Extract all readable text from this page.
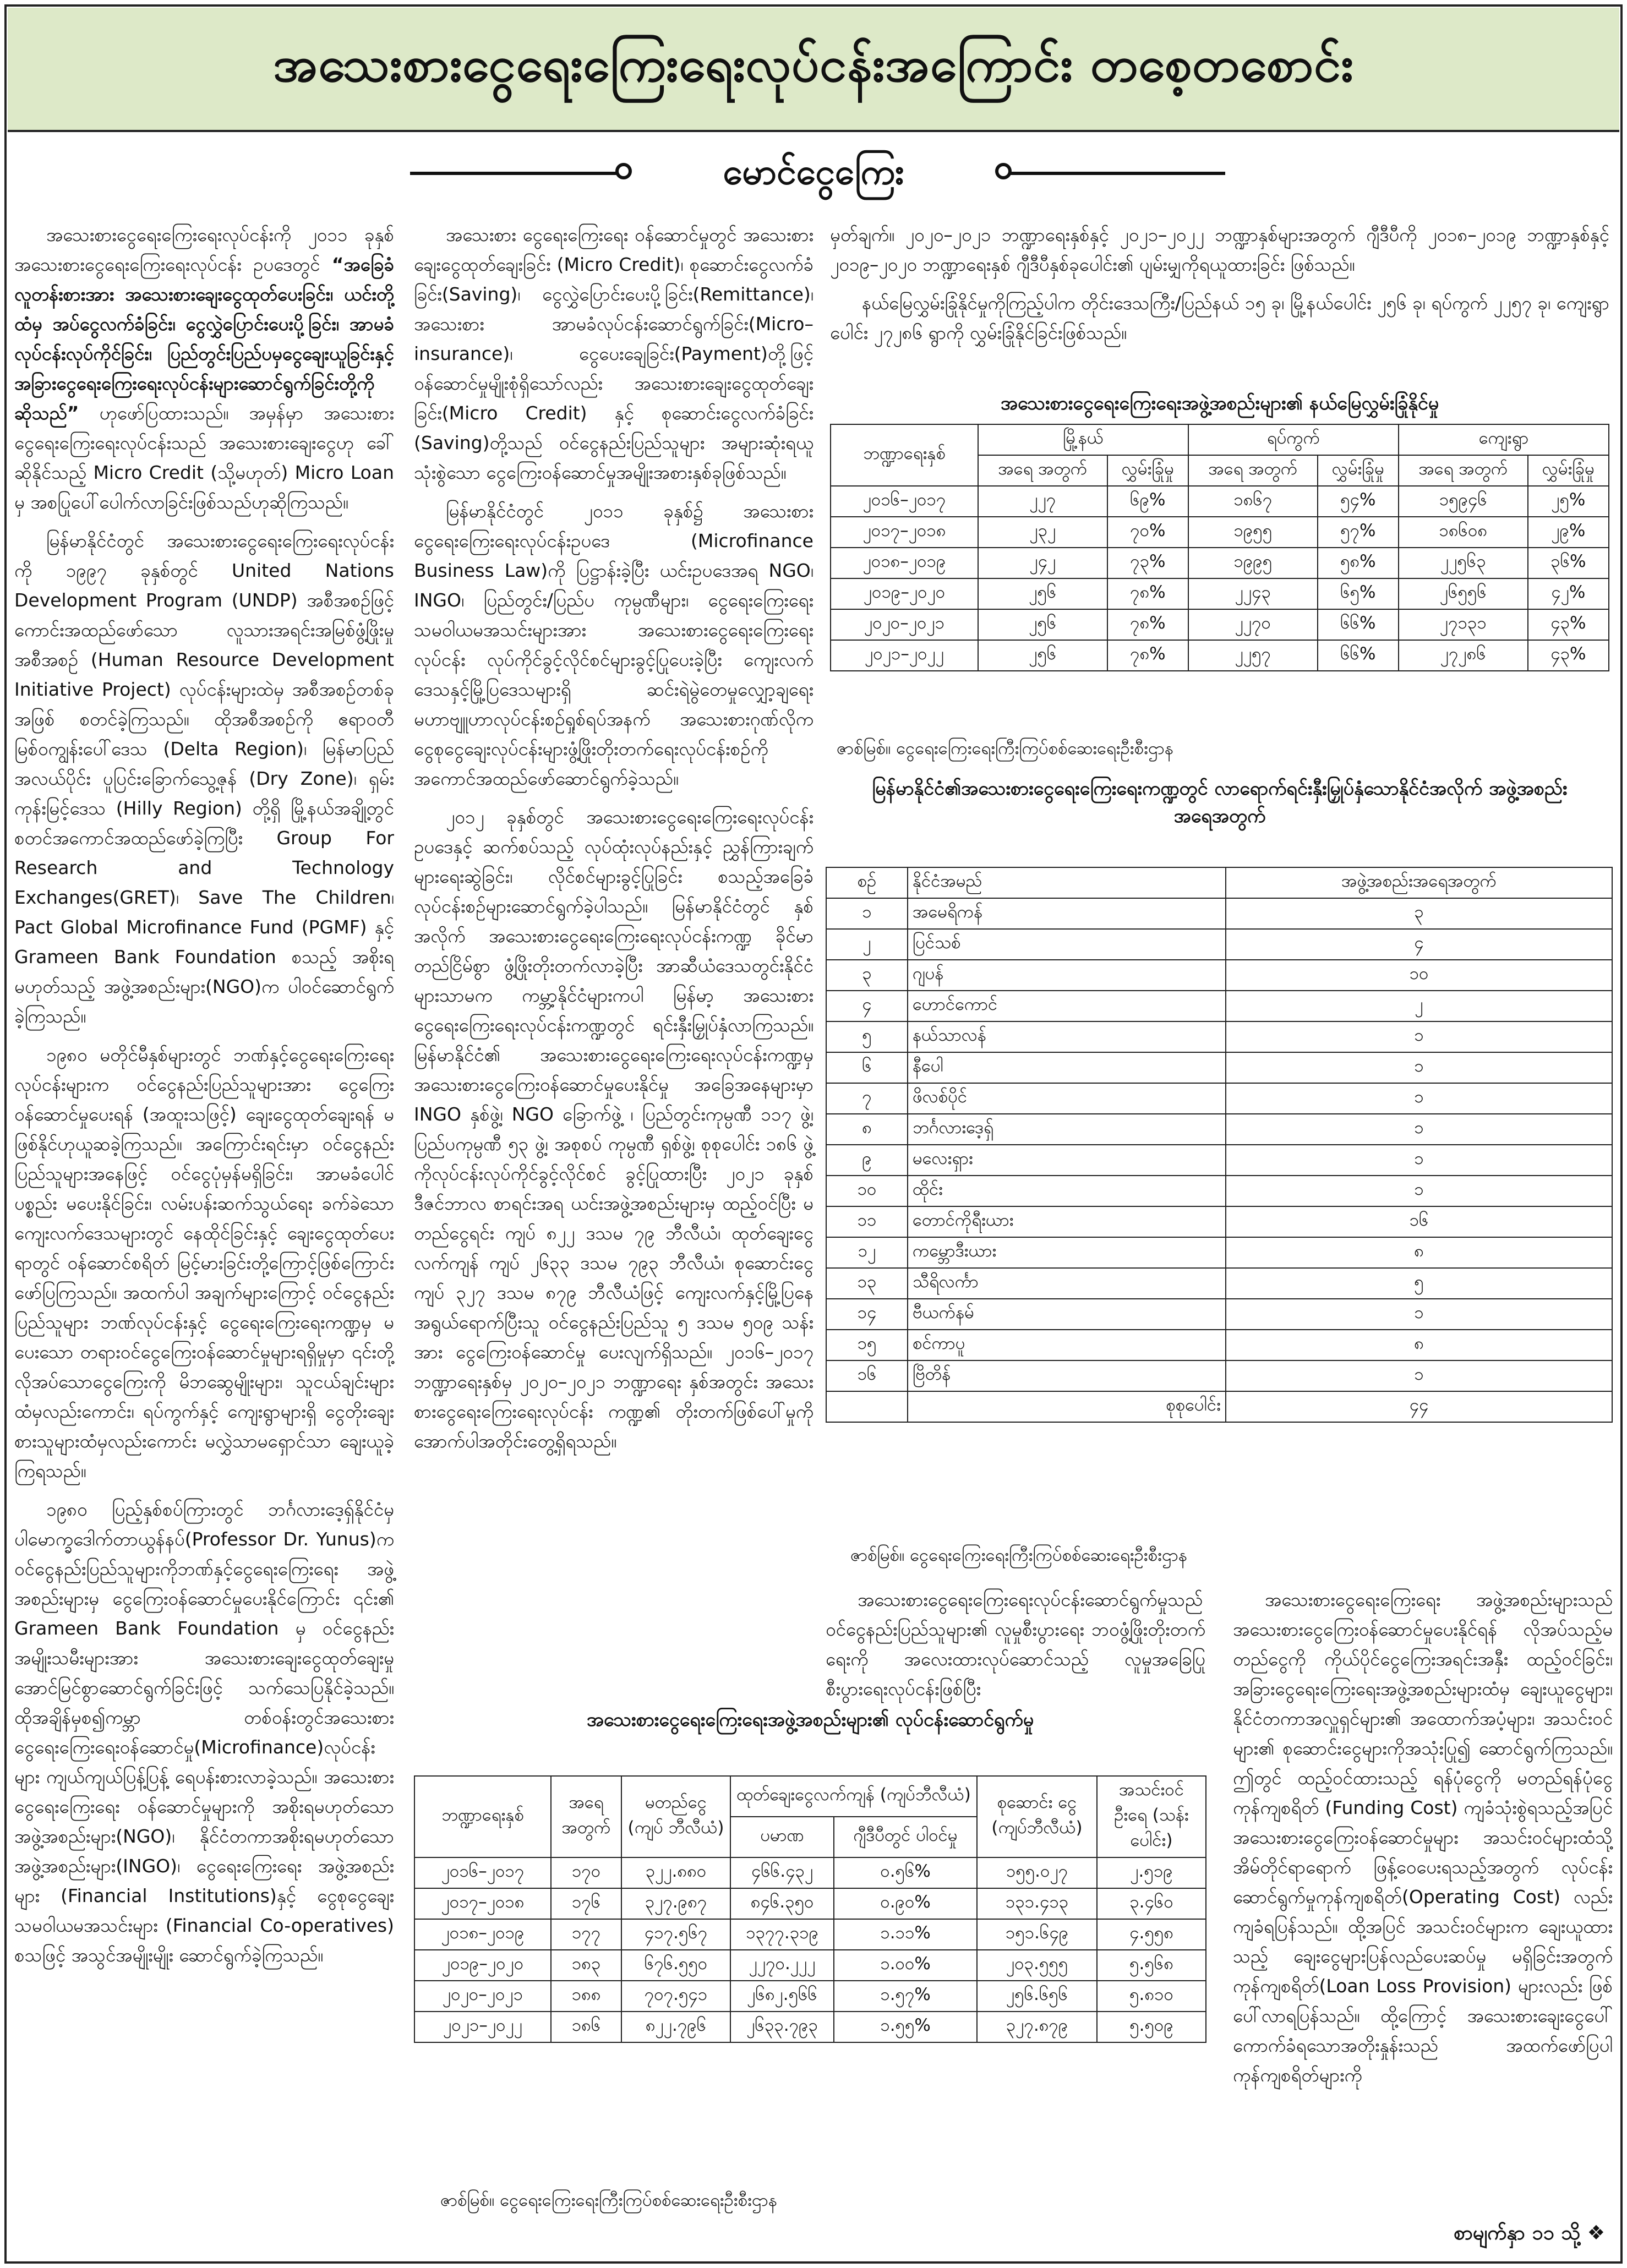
အသေးစားငွေရေးကြေးရေးလုပ်ငန်းအကြောင်း တစေ့တစောင်း
မောင်ငွေကြေး

အသေးစားငွေရေးကြေးရေးလုပ်ငန်းကို ၂၀၁၁ ခုနှစ် အသေးစားငွေရေးကြေးရေးလုပ်ငန်း ဥပဒေတွင် “အခြေခံလူတန်းစားအား အသေးစားချေးငွေထုတ်ပေးခြင်း၊ ယင်းတို့ထံမှ အပ်ငွေလက်ခံခြင်း၊ ငွေလွှဲပြောင်းပေးပို့ခြင်း၊ အာမခံလုပ်ငန်းလုပ်ကိုင်ခြင်း၊ ပြည်တွင်းပြည်ပမှငွေချေးယူခြင်းနှင့် အခြားငွေရေးကြေးရေးလုပ်ငန်းများဆောင်ရွက်ခြင်းတို့ကိုဆိုသည်” ဟုဖော်ပြထားသည်။ အမှန်မှာ အသေးစားငွေရေးကြေးရေးလုပ်ငန်းသည် အသေးစားချေးငွေဟု ခေါ်ဆိုနိုင်သည့် Micro Credit (သို့မဟုတ်) Micro Loan မှ အစပြုပေါ်ပေါက်လာခြင်းဖြစ်သည်ဟုဆိုကြသည်။

မြန်မာနိုင်ငံတွင် အသေးစားငွေရေးကြေးရေးလုပ်ငန်းကို ၁၉၉၇ ခုနှစ်တွင် United Nations Development Program (UNDP) အစီအစဉ်ဖြင့် ကောင်းအထည်ဖော်သော လူသားအရင်းအမြစ်ဖွံ့ဖြိုးမှုအစီအစဉ် (Human Resource Development Initiative Project) လုပ်ငန်းများထဲမှ အစီအစဉ်တစ်ခုအဖြစ် စတင်ခဲ့ကြသည်။ ထိုအစီအစဉ်ကို ဧရာဝတီမြစ်ဝကျွန်းပေါ်ဒေသ (Delta Region)၊ မြန်မာပြည်အလယ်ပိုင်း ပူပြင်းခြောက်သွေ့ဇုန် (Dry Zone)၊ ရှမ်းကုန်းမြင့်ဒေသ (Hilly Region) တို့ရှိ မြို့နယ်အချို့တွင် စတင်အကောင်အထည်ဖော်ခဲ့ကြပြီး Group For Research and Technology Exchanges(GRET)၊ Save The Children၊ Pact Global Microfinance Fund (PGMF) နှင့် Grameen Bank Foundation စသည့် အစိုးရမဟုတ်သည့် အဖွဲ့အစည်းများ(NGO)က ပါဝင်ဆောင်ရွက်ခဲ့ကြသည်။

၁၉၈၀ မတိုင်မီနှစ်များတွင် ဘဏ်နှင့်ငွေရေးကြေးရေးလုပ်ငန်းများက ဝင်ငွေနည်းပြည်သူများအား ငွေကြေးဝန်ဆောင်မှုပေးရန် (အထူးသဖြင့်) ချေးငွေထုတ်ချေးရန် မဖြစ်နိုင်ဟုယူဆခဲ့ကြသည်။ အကြောင်းရင်းမှာ ဝင်ငွေနည်းပြည်သူများအနေဖြင့် ဝင်ငွေပုံမှန်မရှိခြင်း၊ အာမခံပေါင်ပစ္စည်း မပေးနိုင်ခြင်း၊ လမ်းပန်းဆက်သွယ်ရေး ခက်ခဲသော ကျေးလက်ဒေသများတွင် နေထိုင်ခြင်းနှင့် ချေးငွေထုတ်ပေးရာတွင် ဝန်ဆောင်စရိတ် မြင့်မားခြင်းတို့ကြောင့်ဖြစ်ကြောင်း ဖော်ပြကြသည်။ အထက်ပါ အချက်များကြောင့် ဝင်ငွေနည်းပြည်သူများ ဘဏ်လုပ်ငန်းနှင့် ငွေရေးကြေးရေးကဏ္ဍမှ မပေးသော တရားဝင်ငွေကြေးဝန်ဆောင်မှုများရရှိမှုမှာ ၎င်းတို့လိုအပ်သောငွေကြေးကို မိဘဆွေမျိုးများ၊ သူငယ်ချင်းများထံမှလည်းကောင်း၊ ရပ်ကွက်နှင့် ကျေးရွာများရှိ ငွေတိုးချေးစားသူများထံမှလည်းကောင်း မလွှဲသာမရှောင်သာ ချေးယူခဲ့ကြရသည်။

၁၉၈၀ ပြည့်နှစ်စပ်ကြားတွင် ဘင်္ဂလားဒေ့ရှ်နိုင်ငံမှ ပါမောက္ခဒေါက်တာယွန်နပ်(Professor Dr. Yunus)က ဝင်ငွေနည်းပြည်သူများကိုဘဏ်နှင့်ငွေရေးကြေးရေး အဖွဲ့အစည်းများမှ ငွေကြေးဝန်ဆောင်မှုပေးနိုင်ကြောင်း ၎င်း၏ Grameen Bank Foundation မှ ဝင်ငွေနည်းအမျိုးသမီးများအား အသေးစားချေးငွေထုတ်ချေးမှု အောင်မြင်စွာဆောင်ရွက်ခြင်းဖြင့် သက်သေပြနိုင်ခဲ့သည်။ ထိုအချိန်မှစ၍ကမ္ဘာ တစ်ဝန်းတွင်အသေးစားငွေရေးကြေးရေးဝန်ဆောင်မှု(Microfinance)လုပ်ငန်းများ ကျယ်ကျယ်ပြန့်ပြန့် ရေပန်းစားလာခဲ့သည်။ အသေးစား ငွေရေးကြေးရေး ဝန်ဆောင်မှုများကို အစိုးရမဟုတ်သောအဖွဲ့အစည်းများ(NGO)၊ နိုင်ငံတကာအစိုးရမဟုတ်သောအဖွဲ့အစည်းများ(INGO)၊ ငွေရေးကြေးရေး အဖွဲ့အစည်းများ (Financial Institutions)နှင့် ငွေစုငွေချေးသမဝါယမအသင်းများ (Financial Co-operatives) စသဖြင့် အသွင်အမျိုးမျိုး ဆောင်ရွက်ခဲ့ကြသည်။

အသေးစား ငွေရေးကြေးရေး ဝန်ဆောင်မှုတွင် အသေးစားချေးငွေထုတ်ချေးခြင်း (Micro Credit)၊ စုဆောင်းငွေလက်ခံခြင်း(Saving)၊ ငွေလွှဲပြောင်းပေးပို့ခြင်း(Remittance)၊ အသေးစား အာမခံလုပ်ငန်းဆောင်ရွက်ခြင်း(Micro–insurance)၊ ငွေပေးချေခြင်း(Payment)တို့ဖြင့် ဝန်ဆောင်မှုမျိုးစုံရှိသော်လည်း အသေးစားချေးငွေထုတ်ချေးခြင်း(Micro Credit) နှင့် စုဆောင်းငွေလက်ခံခြင်း (Saving)တို့သည် ဝင်ငွေနည်းပြည်သူများ အများဆုံးရယူသုံးစွဲသော ငွေကြေးဝန်ဆောင်မှုအမျိုးအစားနှစ်ခုဖြစ်သည်။

မြန်မာနိုင်ငံတွင် ၂၀၁၁ ခုနှစ်၌ အသေးစားငွေရေးကြေးရေးလုပ်ငန်းဥပဒေ (Microfinance Business Law)ကို ပြဋ္ဌာန်းခဲ့ပြီး ယင်းဥပဒေအရ NGO၊ INGO၊ ပြည်တွင်း/ပြည်ပ ကုမ္ပဏီများ၊ ငွေရေးကြေးရေးသမဝါယမအသင်းများအား အသေးစားငွေရေးကြေးရေးလုပ်ငန်း လုပ်ကိုင်ခွင့်လိုင်စင်များခွင့်ပြုပေးခဲ့ပြီး ကျေးလက်ဒေသနှင့်မြို့ပြဒေသများရှိ ဆင်းရဲမွဲတေမှုလျှော့ချရေးမဟာဗျူဟာလုပ်ငန်းစဉ်ရှုစ်ရပ်အနက် အသေးစားဂုဏ်လိုက ငွေစုငွေချေးလုပ်ငန်းများဖွံ့ဖြိုးတိုးတက်ရေးလုပ်ငန်းစဉ်ကို အကောင်အထည်ဖော်ဆောင်ရွက်ခဲ့သည်။

၂၀၁၂ ခုနှစ်တွင် အသေးစားငွေရေးကြေးရေးလုပ်ငန်းဥပဒေနှင့် ဆက်စပ်သည့် လုပ်ထုံးလုပ်နည်းနှင့် ညွှန်ကြားချက်များရေးဆွဲခြင်း၊ လိုင်စင်များခွင့်ပြုခြင်း စသည့်အခြေခံလုပ်ငန်းစဉ်များဆောင်ရွက်ခဲ့ပါသည်။ မြန်မာနိုင်ငံတွင် နှစ်အလိုက် အသေးစားငွေရေးကြေးရေးလုပ်ငန်းကဏ္ဍ ခိုင်မာတည်ငြိမ်စွာ ဖွံ့ဖြိုးတိုးတက်လာခဲ့ပြီး အာဆီယံဒေသတွင်းနိုင်ငံများသာမက ကမ္ဘာ့နိုင်ငံများကပါ မြန်မာ့ အသေးစား ငွေရေးကြေးရေးလုပ်ငန်းကဏ္ဍတွင် ရင်းနှီးမြှုပ်နှံလာကြသည်။ မြန်မာနိုင်ငံ၏ အသေးစားငွေရေးကြေးရေးလုပ်ငန်းကဏ္ဍမှ အသေးစားငွေကြေးဝန်ဆောင်မှုပေးနိုင်မှု အခြေအနေများမှာ INGO နှစ်ဖွဲ့၊ NGO ခြောက်ဖွဲ့ ၊ ပြည်တွင်းကုမ္ပဏီ ၁၁၇ ဖွဲ့၊ ပြည်ပကုမ္ပဏီ ၅၃ ဖွဲ့၊ အစုစပ် ကုမ္ပဏီ ရှစ်ဖွဲ့၊ စုစုပေါင်း ၁၈၆ ဖွဲ့ ကိုလုပ်ငန်းလုပ်ကိုင်ခွင့်လိုင်စင် ခွင့်ပြုထားပြီး ၂၀၂၁ ခုနှစ် ဒီဇင်ဘာလ စာရင်းအရ ယင်းအဖွဲ့အစည်းများမှ ထည့်ဝင်ပြီး မတည်ငွေရင်း ကျပ် ၈၂၂ ဒသမ ၇၉ ဘီလီယံ၊ ထုတ်ချေးငွေလက်ကျန် ကျပ် ၂၆၃၃ ဒသမ ၇၉၃ ဘီလီယံ၊ စုဆောင်းငွေကျပ် ၃၂၇ ဒသမ ၈၇၉ ဘီလီယံဖြင့် ကျေးလက်နှင့်မြို့ပြနေ အရွယ်ရောက်ပြီးသူ ဝင်ငွေနည်းပြည်သူ ၅ ဒသမ ၅၀၉ သန်းအား ငွေကြေးဝန်ဆောင်မှု ပေးလျက်ရှိသည်။ ၂၀၁၆–၂၀၁၇ ဘဏ္ဍာရေးနှစ်မှ ၂၀၂၀–၂၀၂၁ ဘဏ္ဍာရေး နှစ်အတွင်း အသေးစားငွေရေးကြေးရေးလုပ်ငန်း ကဏ္ဍ၏ တိုးတက်ဖြစ်ပေါ်မှုကိုအောက်ပါအတိုင်းတွေ့ရှိရသည်။

မှတ်ချက်။ ၂၀၂၀–၂၀၂၁ ဘဏ္ဍာရေးနှစ်နှင့် ၂၀၂၁–၂၀၂၂ ဘဏ္ဍာနှစ်များအတွက် ဂျီဒီပီကို ၂၀၁၈–၂၀၁၉ ဘဏ္ဍာနှစ်နှင့် ၂၀၁၉–၂၀၂၀ ဘဏ္ဍာရေးနှစ် ဂျီဒီပီနှစ်ခုပေါင်း၏ ပျမ်းမျှကိုရယူထားခြင်း ဖြစ်သည်။

နယ်မြေလွှမ်းခြုံနိုင်မှုကိုကြည့်ပါက တိုင်းဒေသကြီး/ပြည်နယ် ၁၅ ခု၊ မြို့နယ်ပေါင်း ၂၅၆ ခု၊ ရပ်ကွက် ၂၂၅၇ ခု၊ ကျေးရွာပေါင်း ၂၇၂၈၆ ရွာကို လွှမ်းခြုံနိုင်ခြင်းဖြစ်သည်။

အသေးစားငွေရေးကြေးရေးအဖွဲ့အစည်းများ၏ နယ်မြေလွှမ်းခြုံနိုင်မှု
ဘဏ္ဍာရေးနှစ်	မြို့နယ်		ရပ်ကွက်		ကျေးရွာ	
	အရေ အတွက်	လွှမ်းခြုံမှု	အရေ အတွက်	လွှမ်းခြုံမှု	အရေ အတွက်	လွှမ်းခြုံမှု
၂၀၁၆–၂၀၁၇	၂၂၇	၆၉%	၁၈၆၇	၅၄%	၁၅၉၄၆	၂၅%
၂၀၁၇–၂၀၁၈	၂၃၂	၇၀%	၁၉၅၅	၅၇%	၁၈၆၀၈	၂၉%
၂၀၁၈–၂၀၁၉	၂၄၂	၇၃%	၁၉၉၅	၅၈%	၂၂၅၆၃	၃၆%
၂၀၁၉–၂၀၂၀	၂၅၆	၇၈%	၂၂၄၃	၆၅%	၂၆၅၅၆	၄၂%
၂၀၂၀–၂၀၂၁	၂၅၆	၇၈%	၂၂၇၀	၆၆%	၂၇၁၃၁	၄၃%
၂၀၂၁–၂၀၂၂	၂၅၆	၇၈%	၂၂၅၇	၆၆%	၂၇၂၈၆	၄၃%
ဇာစ်မြစ်။ ငွေရေးကြေးရေးကြီးကြပ်စစ်ဆေးရေးဦးစီးဌာန
မြန်မာနိုင်ငံ၏အသေးစားငွေရေးကြေးရေးကဏ္ဍတွင် လာရောက်ရင်းနှီးမြှုပ်နှံသောနိုင်ငံအလိုက် အဖွဲ့အစည်းအရေအတွက်
စဉ်	နိုင်ငံအမည်	အဖွဲ့အစည်းအရေအတွက်
၁	အမေရိကန်	၃
၂	ပြင်သစ်	၄
၃	ဂျပန်	၁၀
၄	ဟောင်ကောင်	၂
၅	နယ်သာလန်	၁
၆	နီပေါ	၁
၇	ဖိလစ်ပိုင်	၁
၈	ဘင်္ဂလားဒေ့ရှ်	၁
၉	မလေးရှား	၁
၁၀	ထိုင်း	၁
၁၁	တောင်ကိုရီးယား	၁၆
၁၂	ကမ္ဘောဒီးယား	၈
၁၃	သီရိလင်္ကာ	၅
၁၄	ဗီယက်နမ်	၁
၁၅	စင်ကာပူ	၈
၁၆	ဗြိတိန်	၁
	စုစုပေါင်း	၄၄
ဇာစ်မြစ်။ ငွေရေးကြေးရေးကြီးကြပ်စစ်ဆေးရေးဦးစီးဌာန

အသေးစားငွေရေးကြေးရေးလုပ်ငန်းဆောင်ရွက်မှုသည် ဝင်ငွေနည်းပြည်သူများ၏ လူမှုစီးပွားရေး ဘဝဖွံ့ဖြိုးတိုးတက်ရေးကို အလေးထားလုပ်ဆောင်သည့် လူမှုအခြေပြုစီးပွားရေးလုပ်ငန်းဖြစ်ပြီး

အသေးစားငွေရေးကြေးရေး အဖွဲ့အစည်းများသည် အသေးစားငွေကြေးဝန်ဆောင်မှုပေးနိုင်ရန် လိုအပ်သည့်မတည်ငွေကို ကိုယ်ပိုင်ငွေကြေးအရင်းအနှီး ထည့်ဝင်ခြင်း၊ အခြားငွေရေးကြေးရေးအဖွဲ့အစည်းများထံမှ ချေးယူငွေများ၊ နိုင်ငံတကာအလှူရှင်များ၏ အထောက်အပံ့များ၊ အသင်းဝင်များ၏ စုဆောင်းငွေများကိုအသုံးပြု၍ ဆောင်ရွက်ကြသည်။ ဤတွင် ထည့်ဝင်ထားသည့် ရန်ပုံငွေကို မတည်ရန်ပုံငွေကုန်ကျစရိတ် (Funding Cost) ကျခံသုံးစွဲရသည့်အပြင် အသေးစားငွေကြေးဝန်ဆောင်မှုများ အသင်းဝင်များထံသို့ အိမ်တိုင်ရာရောက် ဖြန့်ဝေပေးရသည့်အတွက် လုပ်ငန်းဆောင်ရွက်မှုကုန်ကျစရိတ်(Operating Cost) လည်းကျခံရပြန်သည်။ ထို့အပြင် အသင်းဝင်များက ချေးယူထားသည့် ချေးငွေများပြန်လည်ပေးဆပ်မှု မရှိခြင်းအတွက် ကုန်ကျစရိတ်(Loan Loss Provision) များလည်း ဖြစ်ပေါ်လာရပြန်သည်။ ထို့ကြောင့် အသေးစားချေးငွေပေါ် ကောက်ခံရသောအတိုးနှုန်းသည် အထက်ဖော်ပြပါကုန်ကျစရိတ်များကို

အသေးစားငွေရေးကြေးရေးအဖွဲ့အစည်းများ၏ လုပ်ငန်းဆောင်ရွက်မှု
ဘဏ္ဍာရေးနှစ်	အရေ အတွက်	မတည်ငွေ (ကျပ် ဘီလီယံ)	ထုတ်ချေးငွေလက်ကျန် (ကျပ်ဘီလီယံ)		စုဆောင်း ငွေ (ကျပ်ဘီလီယံ)	အသင်းဝင် ဦးရေ (သန်းပေါင်း)
			ပမာဏ	ဂျီဒီပီတွင် ပါဝင်မှု		
၂၀၁၆–၂၀၁၇	၁၇၀	၃၂၂.၈၈၀	၄၆၆.၄၃၂	၀.၅၆%	၁၅၅.၀၂၇	၂.၅၁၉
၂၀၁၇–၂၀၁၈	၁၇၆	၃၂၇.၉၈၇	၈၄၆.၃၅၀	၀.၉၀%	၁၃၁.၄၁၃	၃.၄၆၀
၂၀၁၈–၂၀၁၉	၁၇၇	၄၁၇.၅၆၇	၁၃၇၇.၃၁၉	၁.၁၁%	၁၅၁.၆၄၉	၄.၅၅၈
၂၀၁၉–၂၀၂၀	၁၈၃	၆၇၆.၅၅၀	၂၂၇၀.၂၂၂	၁.၀၀%	၂၀၃.၅၅၅	၅.၅၆၈
၂၀၂၀–၂၀၂၁	၁၈၈	၇၀၇.၅၄၁	၂၆၈၂.၅၆၆	၁.၅၇%	၂၅၆.၆၅၆	၅.၈၁၀
၂၀၂၁–၂၀၂၂	၁၈၆	၈၂၂.၇၉၆	၂၆၃၃.၇၉၃	၁.၅၅%	၃၂၇.၈၇၉	၅.၅၀၉
ဇာစ်မြစ်။ ငွေရေးကြေးရေးကြီးကြပ်စစ်ဆေးရေးဦးစီးဌာန
စာမျက်နှာ ၁၁ သို့ ❖
